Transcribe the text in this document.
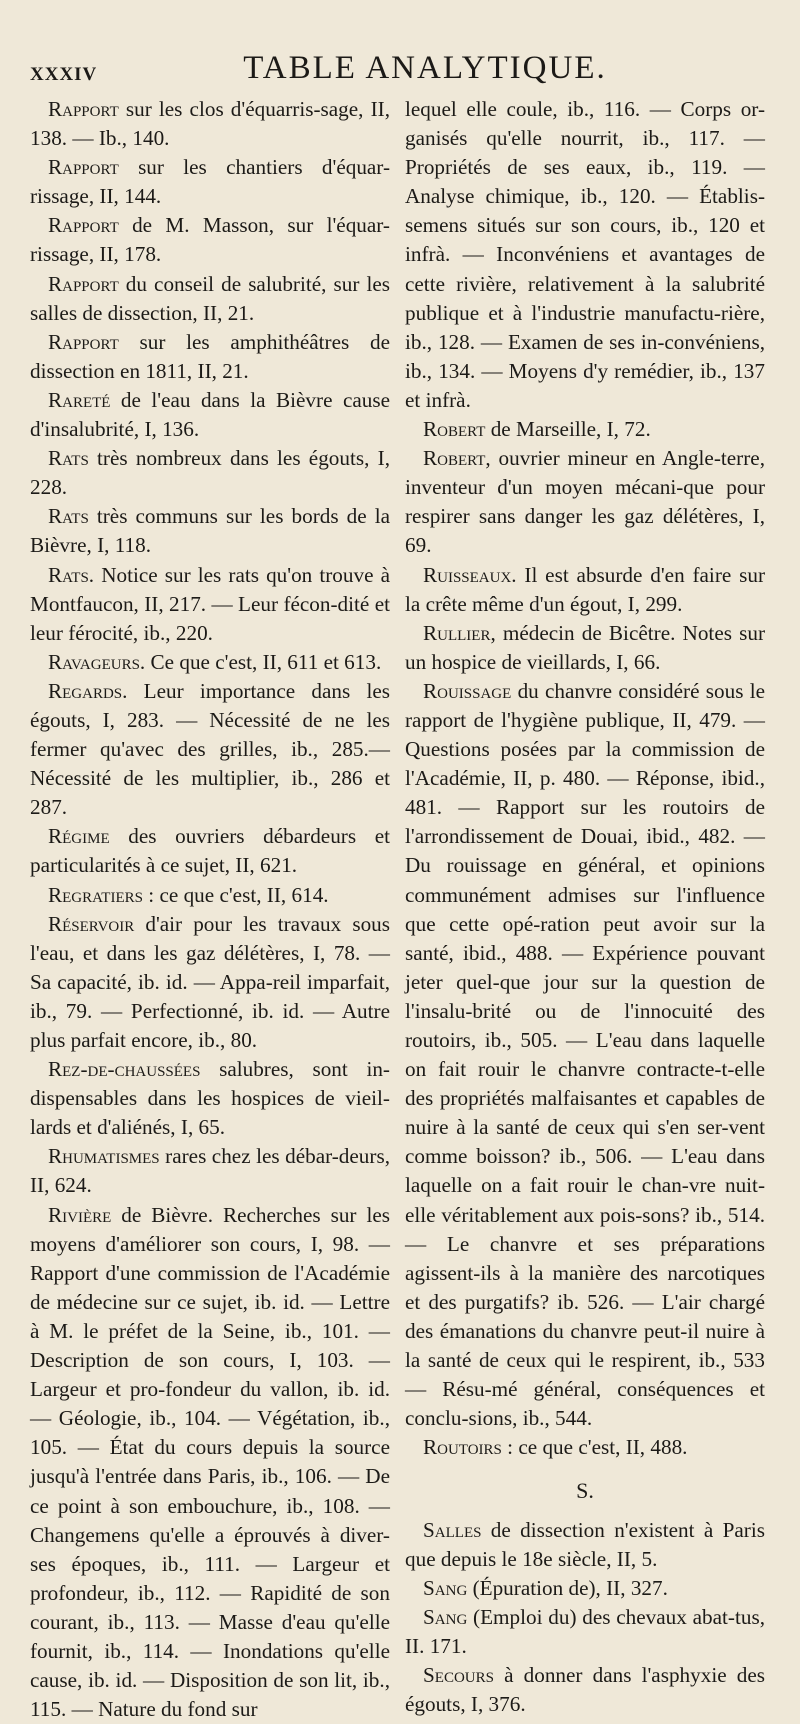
XXXIV	TABLE ANALYTIQUE.

Rapport sur les clos d'équarris-sage, II, 138. — Ib., 140.

Rapport sur les chantiers d'équar-rissage, II, 144.

Rapport de M. Masson, sur l'équar-rissage, II, 178.

Rapport du conseil de salubrité, sur les salles de dissection, II, 21.

Rapport sur les amphithéâtres de dissection en 1811, II, 21.

Rareté de l'eau dans la Bièvre cause d'insalubrité, I, 136.

Rats très nombreux dans les égouts, I, 228.

Rats très communs sur les bords de la Bièvre, I, 118.

Rats. Notice sur les rats qu'on trouve à Montfaucon, II, 217. — Leur fécon-dité et leur férocité, ib., 220.

Ravageurs. Ce que c'est, II, 611 et 613.

Regards. Leur importance dans les égouts, I, 283. — Nécessité de ne les fermer qu'avec des grilles, ib., 285.— Nécessité de les multiplier, ib., 286 et 287.

Régime des ouvriers débardeurs et particularités à ce sujet, II, 621.

Regratiers : ce que c'est, II, 614.

Réservoir d'air pour les travaux sous l'eau, et dans les gaz délétères, I, 78. — Sa capacité, ib. id. — Appa-reil imparfait, ib., 79. — Perfectionné, ib. id. — Autre plus parfait encore, ib., 80.

Rez-de-chaussées salubres, sont in-dispensables dans les hospices de vieil-lards et d'aliénés, I, 65.

Rhumatismes rares chez les débar-deurs, II, 624.

Rivière de Bièvre. Recherches sur les moyens d'améliorer son cours, I, 98. — Rapport d'une commission de l'Académie de médecine sur ce sujet, ib. id. — Lettre à M. le préfet de la Seine, ib., 101. — Description de son cours, I, 103. — Largeur et pro-fondeur du vallon, ib. id. — Géologie, ib., 104. — Végétation, ib., 105. — État du cours depuis la source jusqu'à l'entrée dans Paris, ib., 106. — De ce point à son embouchure, ib., 108. — Changemens qu'elle a éprouvés à diver-ses époques, ib., 111. — Largeur et profondeur, ib., 112. — Rapidité de son courant, ib., 113. — Masse d'eau qu'elle fournit, ib., 114. — Inondations qu'elle cause, ib. id. — Disposition de son lit, ib., 115. — Nature du fond sur

lequel elle coule, ib., 116. — Corps or-ganisés qu'elle nourrit, ib., 117. — Propriétés de ses eaux, ib., 119. — Analyse chimique, ib., 120. — Établis-semens situés sur son cours, ib., 120 et infrà. — Inconvéniens et avantages de cette rivière, relativement à la salubrité publique et à l'industrie manufactu-rière, ib., 128. — Examen de ses in-convéniens, ib., 134. — Moyens d'y remédier, ib., 137 et infrà.

Robert de Marseille, I, 72.

Robert, ouvrier mineur en Angle-terre, inventeur d'un moyen mécani-que pour respirer sans danger les gaz délétères, I, 69.

Ruisseaux. Il est absurde d'en faire sur la crête même d'un égout, I, 299.

Rullier, médecin de Bicêtre. Notes sur un hospice de vieillards, I, 66.

Rouissage du chanvre considéré sous le rapport de l'hygiène publique, II, 479. — Questions posées par la commission de l'Académie, II, p. 480. — Réponse, ibid., 481. — Rapport sur les routoirs de l'arrondissement de Douai, ibid., 482. — Du rouissage en général, et opinions communément admises sur l'influence que cette opé-ration peut avoir sur la santé, ibid., 488. — Expérience pouvant jeter quel-que jour sur la question de l'insalu-brité ou de l'innocuité des routoirs, ib., 505. — L'eau dans laquelle on fait rouir le chanvre contracte-t-elle des propriétés malfaisantes et capables de nuire à la santé de ceux qui s'en ser-vent comme boisson? ib., 506. — L'eau dans laquelle on a fait rouir le chan-vre nuit-elle véritablement aux pois-sons? ib., 514. — Le chanvre et ses préparations agissent-ils à la manière des narcotiques et des purgatifs? ib. 526. — L'air chargé des émanations du chanvre peut-il nuire à la santé de ceux qui le respirent, ib., 533 — Résu-mé général, conséquences et conclu-sions, ib., 544.

Routoirs : ce que c'est, II, 488.

S.

Salles de dissection n'existent à Paris que depuis le 18e siècle, II, 5.

Sang (Épuration de), II, 327.

Sang (Emploi du) des chevaux abat-tus, II. 171.

Secours à donner dans l'asphyxie des égouts, I, 376.
